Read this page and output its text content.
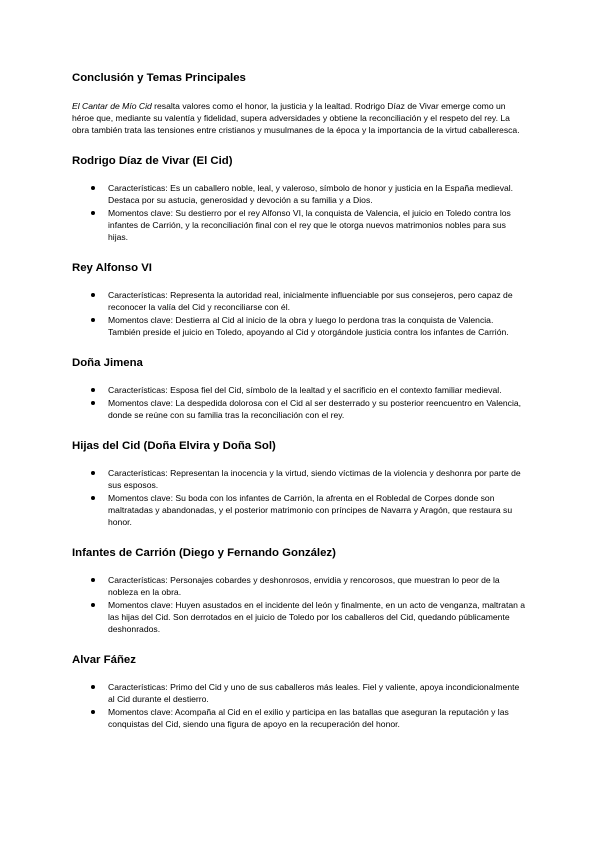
Conclusión y Temas Principales

El Cantar de Mío Cid resalta valores como el honor, la justicia y la lealtad. Rodrigo Díaz de Vivar emerge como un héroe que, mediante su valentía y fidelidad, supera adversidades y obtiene la reconciliación y el respeto del rey. La obra también trata las tensiones entre cristianos y musulmanes de la época y la importancia de la virtud caballeresca.

Rodrigo Díaz de Vivar (El Cid)
Características: Es un caballero noble, leal, y valeroso, símbolo de honor y justicia en la España medieval. Destaca por su astucia, generosidad y devoción a su familia y a Dios.
Momentos clave: Su destierro por el rey Alfonso VI, la conquista de Valencia, el juicio en Toledo contra los infantes de Carrión, y la reconciliación final con el rey que le otorga nuevos matrimonios nobles para sus hijas.
Rey Alfonso VI
Características: Representa la autoridad real, inicialmente influenciable por sus consejeros, pero capaz de reconocer la valía del Cid y reconciliarse con él.
Momentos clave: Destierra al Cid al inicio de la obra y luego lo perdona tras la conquista de Valencia. También preside el juicio en Toledo, apoyando al Cid y otorgándole justicia contra los infantes de Carrión.
Doña Jimena
Características: Esposa fiel del Cid, símbolo de la lealtad y el sacrificio en el contexto familiar medieval.
Momentos clave: La despedida dolorosa con el Cid al ser desterrado y su posterior reencuentro en Valencia, donde se reúne con su familia tras la reconciliación con el rey.
Hijas del Cid (Doña Elvira y Doña Sol)
Características: Representan la inocencia y la virtud, siendo víctimas de la violencia y deshonra por parte de sus esposos.
Momentos clave: Su boda con los infantes de Carrión, la afrenta en el Robledal de Corpes donde son maltratadas y abandonadas, y el posterior matrimonio con príncipes de Navarra y Aragón, que restaura su honor.
Infantes de Carrión (Diego y Fernando González)
Características: Personajes cobardes y deshonrosos, envidia y rencorosos, que muestran lo peor de la nobleza en la obra.
Momentos clave: Huyen asustados en el incidente del león y finalmente, en un acto de venganza, maltratan a las hijas del Cid. Son derrotados en el juicio de Toledo por los caballeros del Cid, quedando públicamente deshonrados.
Alvar Fáñez
Características: Primo del Cid y uno de sus caballeros más leales. Fiel y valiente, apoya incondicionalmente al Cid durante el destierro.
Momentos clave: Acompaña al Cid en el exilio y participa en las batallas que aseguran la reputación y las conquistas del Cid, siendo una figura de apoyo en la recuperación del honor.
